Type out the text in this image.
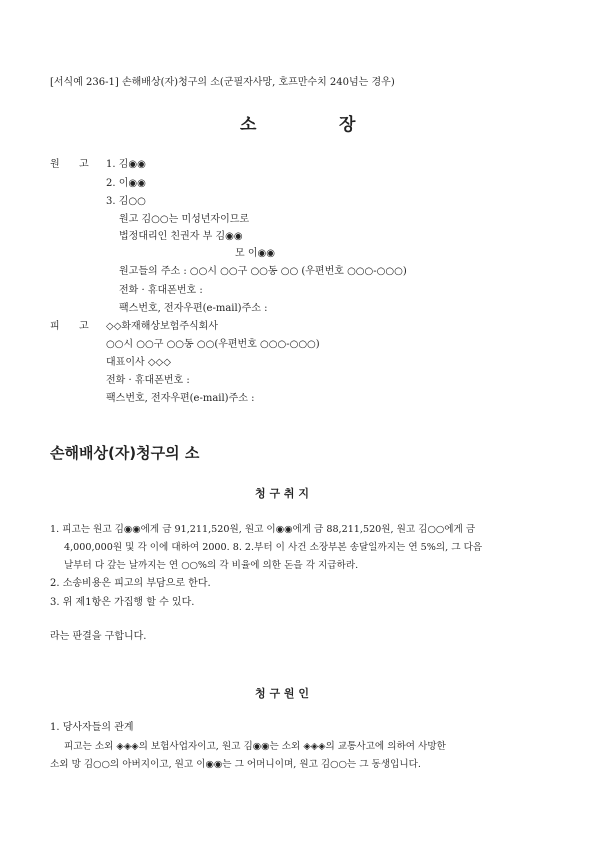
[서식예 236-1] 손해배상(자)청구의 소(군필자사망, 호프만수치 240넘는 경우)
소	장
원 고 1. 김◉◉
2. 이◉◉
3. 김○○
원고 김○○는 미성년자이므로
법정대리인 친권자 부 김◉◉
모 이◉◉
원고들의 주소 : ○○시 ○○구 ○○동 ○○ (우편번호 ○○○-○○○)
전화 · 휴대폰번호 :
팩스번호, 전자우편(e-mail)주소 :
피 고 ◇◇화재해상보험주식회사
○○시 ○○구 ○○동 ○○(우편번호 ○○○-○○○)
대표이사 ◇◇◇
전화 · 휴대폰번호 :
팩스번호, 전자우편(e-mail)주소 :
손해배상(자)청구의 소
청 구 취 지
1. 피고는 원고 김◉◉에게 금 91,211,520원, 원고 이◉◉에게 금 88,211,520원, 원고 김○○에게 금
4,000,000원 및 각 이에 대하여 2000. 8. 2.부터 이 사건 소장부본 송달일까지는 연 5%의, 그 다음
날부터 다 갚는 날까지는 연 ○○%의 각 비율에 의한 돈을 각 지급하라.
2. 소송비용은 피고의 부담으로 한다.
3. 위 제1항은 가집행 할 수 있다.
라는 판결을 구합니다.
청 구 원 인
1. 당사자들의 관계
피고는 소외 ◈◈◈의 보험사업자이고, 원고 김◉◉는 소외 ◈◈◈의 교통사고에 의하여 사망한
소외 망 김○○의 아버지이고, 원고 이◉◉는 그 어머니이며, 원고 김○○는 그 동생입니다.
